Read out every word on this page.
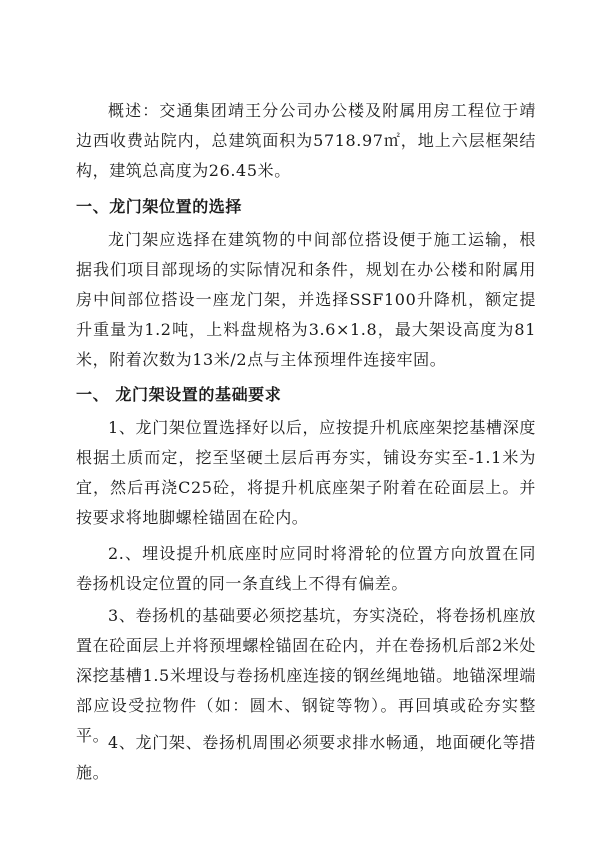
概述：交通集团靖王分公司办公楼及附属用房工程位于靖边西收费站院内，总建筑面积为5718.97㎡，地上六层框架结构，建筑总高度为26.45米。

一、龙门架位置的选择

龙门架应选择在建筑物的中间部位搭设便于施工运输，根据我们项目部现场的实际情况和条件，规划在办公楼和附属用房中间部位搭设一座龙门架，并选择SSF100升降机，额定提升重量为1.2吨，上料盘规格为3.6×1.8，最大架设高度为81米，附着次数为13米/2点与主体预埋件连接牢固。

一、 龙门架设置的基础要求

1、龙门架位置选择好以后，应按提升机底座架挖基槽深度根据土质而定，挖至坚硬土层后再夯实，铺设夯实至-1.1米为宜，然后再浇C25砼，将提升机底座架子附着在砼面层上。并按要求将地脚螺栓锚固在砼内。

2.、埋设提升机底座时应同时将滑轮的位置方向放置在同卷扬机设定位置的同一条直线上不得有偏差。

3、卷扬机的基础要必须挖基坑，夯实浇砼，将卷扬机座放置在砼面层上并将预埋螺栓锚固在砼内，并在卷扬机后部2米处深挖基槽1.5米埋设与卷扬机座连接的钢丝绳地锚。地锚深埋端部应设受拉物件（如：圆木、钢锭等物）。再回填或砼夯实整平。

4、龙门架、卷扬机周围必须要求排水畅通，地面硬化等措施。
